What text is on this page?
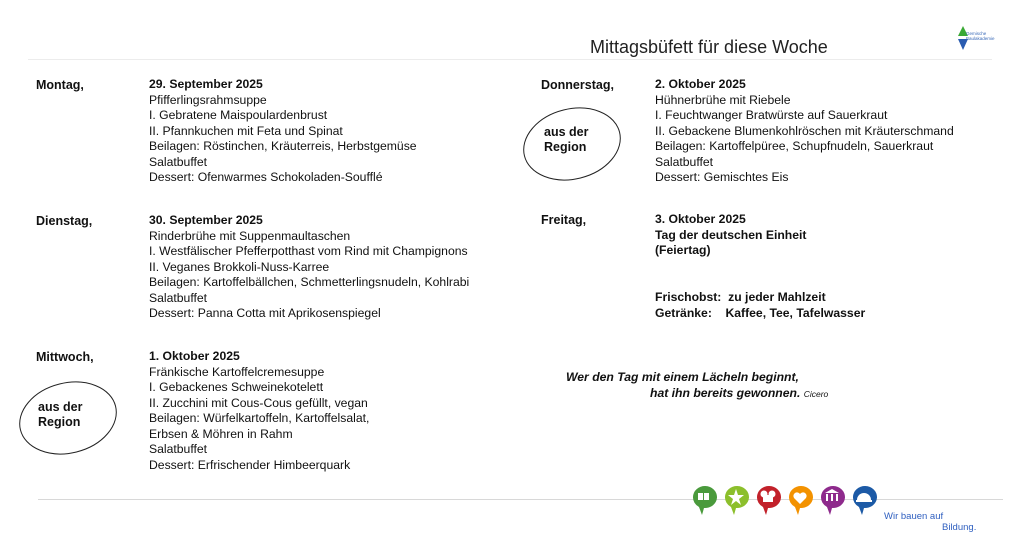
Mittagsbüfett für diese Woche
Gemische
Baulakademie
Montag,	29. September 2025
Pfifferlingsrahmsuppe
I. Gebratene Maispoulardenbrust
II. Pfannkuchen mit Feta und Spinat
Beilagen: Röstinchen, Kräuterreis, Herbstgemüse
Salatbuffet
Dessert: Ofenwarmes Schokoladen-Soufflé
Dienstag,	30. September 2025
Rinderbrühe mit Suppenmaultaschen
I. Westfälischer Pfefferpotthast vom Rind mit Champignons
II. Veganes Brokkoli-Nuss-Karree
Beilagen: Kartoffelbällchen, Schmetterlingsnudeln, Kohlrabi
Salatbuffet
Dessert: Panna Cotta mit Aprikosenspiegel
Mittwoch,	1. Oktober 2025
Fränkische Kartoffelcremesuppe
I. Gebackenes Schweinekotelett
II. Zucchini mit Cous-Cous gefüllt, vegan
Beilagen: Würfelkartoffeln, Kartoffelsalat,
Erbsen & Möhren in Rahm
Salatbuffet
Dessert: Erfrischender Himbeerquark
aus der
Region
Donnerstag,	2. Oktober 2025
Hühnerbrühe mit Riebele
I. Feuchtwanger Bratwürste auf Sauerkraut
II. Gebackene Blumenkohlröschen mit Kräuterschmand
Beilagen: Kartoffelpüree, Schupfnudeln, Sauerkraut
Salatbuffet
Dessert: Gemischtes Eis
aus der
Region
Freitag,	3. Oktober 2025
Tag der deutschen Einheit
(Feiertag)
Frischobst:  zu jeder Mahlzeit
Getränke:    Kaffee, Tee, Tafelwasser
Wer den Tag mit einem Lächeln beginnt,
hat ihn bereits gewonnen. Cicero
Wir bauen auf
Bildung.
